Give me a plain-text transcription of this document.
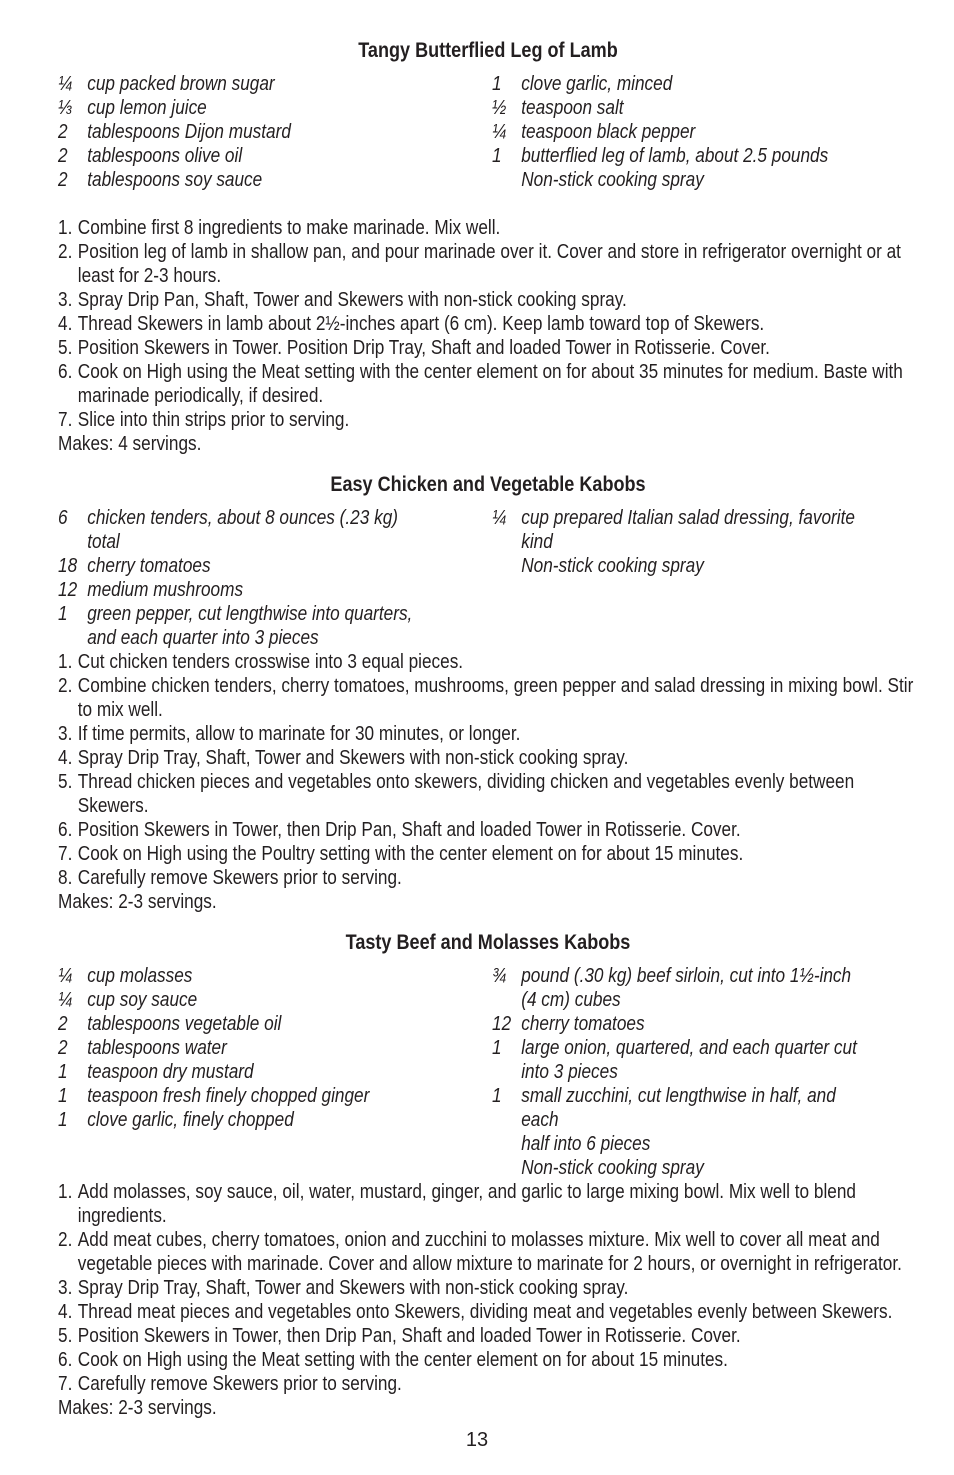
Tangy Butterflied Leg of Lamb
¼ cup packed brown sugar
⅓ cup lemon juice
2 tablespoons Dijon mustard
2 tablespoons olive oil
2 tablespoons soy sauce
1 clove garlic, minced
½ teaspoon salt
¼ teaspoon black pepper
1 butterflied leg of lamb, about 2.5 pounds
Non-stick cooking spray
1. Combine first 8 ingredients to make marinade. Mix well.
2. Position leg of lamb in shallow pan, and pour marinade over it. Cover and store in refrigerator overnight or at least for 2-3 hours.
3. Spray Drip Pan, Shaft, Tower and Skewers with non-stick cooking spray.
4. Thread Skewers in lamb about 2½-inches apart (6 cm). Keep lamb toward top of Skewers.
5. Position Skewers in Tower. Position Drip Tray, Shaft and loaded Tower in Rotisserie. Cover.
6. Cook on High using the Meat setting with the center element on for about 35 minutes for medium. Baste with marinade periodically, if desired.
7. Slice into thin strips prior to serving.
Makes: 4 servings.
Easy Chicken and Vegetable Kabobs
6 chicken tenders, about 8 ounces (.23 kg) total
18 cherry tomatoes
12 medium mushrooms
1 green pepper, cut lengthwise into quarters,
and each quarter into 3 pieces
¼ cup prepared Italian salad dressing, favorite kind
Non-stick cooking spray
1. Cut chicken tenders crosswise into 3 equal pieces.
2. Combine chicken tenders, cherry tomatoes, mushrooms, green pepper and salad dressing in mixing bowl. Stir to mix well.
3. If time permits, allow to marinate for 30 minutes, or longer.
4. Spray Drip Tray, Shaft, Tower and Skewers with non-stick cooking spray.
5. Thread chicken pieces and vegetables onto skewers, dividing chicken and vegetables evenly between Skewers.
6. Position Skewers in Tower, then Drip Pan, Shaft and loaded Tower in Rotisserie. Cover.
7. Cook on High using the Poultry setting with the center element on for about 15 minutes.
8. Carefully remove Skewers prior to serving.
Makes: 2-3 servings.
Tasty Beef and Molasses Kabobs
¼ cup molasses
¼ cup soy sauce
2 tablespoons vegetable oil
2 tablespoons water
1 teaspoon dry mustard
1 teaspoon fresh finely chopped ginger
1 clove garlic, finely chopped
¾ pound (.30 kg) beef sirloin, cut into 1½-inch
(4 cm) cubes
12 cherry tomatoes
1 large onion, quartered, and each quarter cut
into 3 pieces
1 small zucchini, cut lengthwise in half, and each
half into 6 pieces
Non-stick cooking spray
1. Add molasses, soy sauce, oil, water, mustard, ginger, and garlic to large mixing bowl. Mix well to blend ingredients.
2. Add meat cubes, cherry tomatoes, onion and zucchini to molasses mixture. Mix well to cover all meat and vegetable pieces with marinade. Cover and allow mixture to marinate for 2 hours, or overnight in refrigerator.
3. Spray Drip Tray, Shaft, Tower and Skewers with non-stick cooking spray.
4. Thread meat pieces and vegetables onto Skewers, dividing meat and vegetables evenly between Skewers.
5. Position Skewers in Tower, then Drip Pan, Shaft and loaded Tower in Rotisserie. Cover.
6. Cook on High using the Meat setting with the center element on for about 15 minutes.
7. Carefully remove Skewers prior to serving.
Makes: 2-3 servings.
13
